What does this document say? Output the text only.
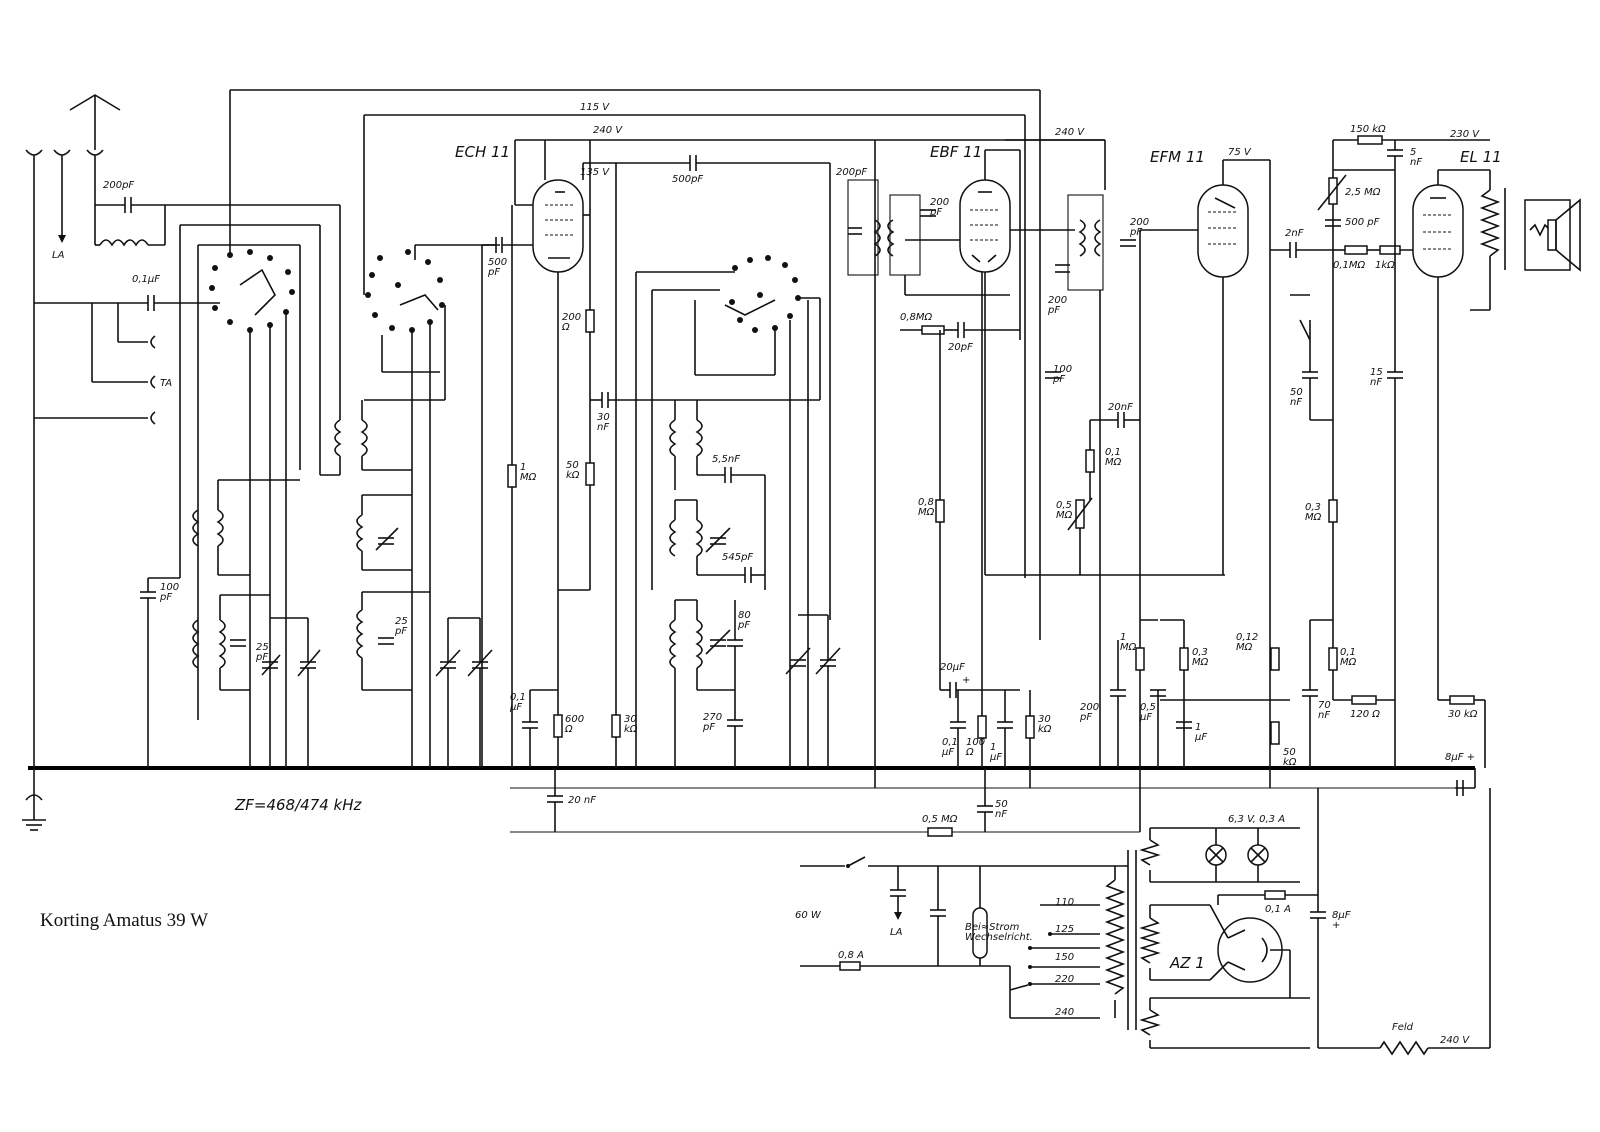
LA
200pF
0,1µF
TA
100 pF
25 pF
25 pF
500 pF
ECH 11
115 V
240 V
135 V
500pF
200 Ω
50 kΩ
1 MΩ
30 nF
0,1 µF
600 Ω
20 nF
30 kΩ
5,5nF
545pF
80 pF
270 pF
200pF
200 pF
EBF 11
240 V
0,8MΩ
20pF
0,8 MΩ
20µF
+
0,1 µF
100 Ω	1 µF
30 kΩ
50 nF
0,5 MΩ
200 pF
200 pF
100 pF
20nF
0,1 MΩ
0,5 MΩ
EFM 11 75 V
1 MΩ
200 pF
0,5 µF
0,3 MΩ
1 µF
0,12 MΩ
50 kΩ
2nF
50 nF
150 kΩ
5 nF
2,5 MΩ
500 pF
0,1MΩ 1kΩ
0,3 MΩ
0,1 MΩ
70 nF 120 Ω
15 nF
EL 11
230 V
30 kΩ
8µF +
60 W
LA
0,8 A
Bei≈Strom Wechselricht.
110
125
150
220
240
6,3 V, 0,3 A
AZ 1
0,1 A
8µF +
Feld
240 V
ZF=468/474 kHz
Korting Amatus 39 W
